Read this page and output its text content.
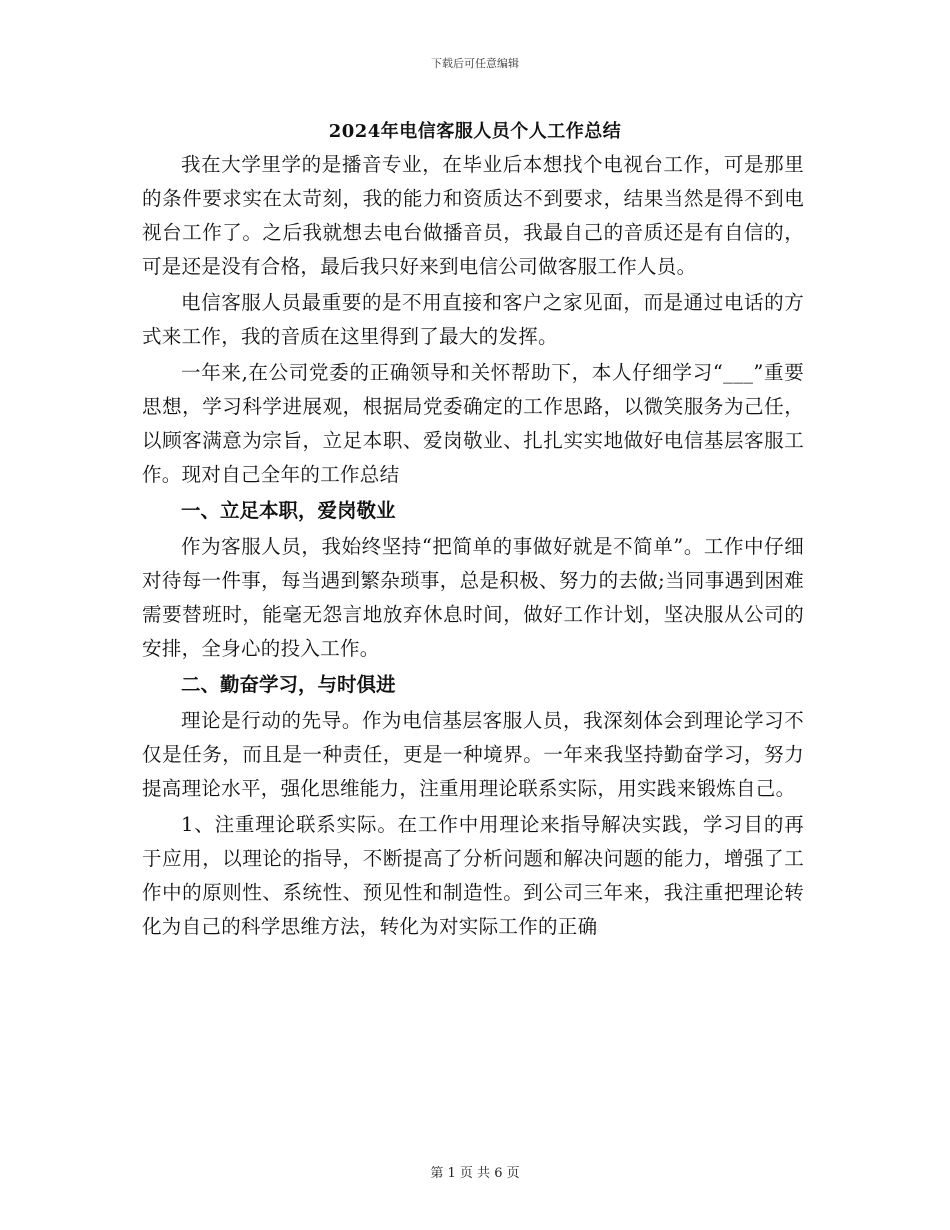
下载后可任意编辑
2024年电信客服人员个人工作总结

我在大学里学的是播音专业，在毕业后本想找个电视台工作，可是那里的条件要求实在太苛刻，我的能力和资质达不到要求，结果当然是得不到电视台工作了。之后我就想去电台做播音员，我最自己的音质还是有自信的，可是还是没有合格，最后我只好来到电信公司做客服工作人员。

电信客服人员最重要的是不用直接和客户之家见面，而是通过电话的方式来工作，我的音质在这里得到了最大的发挥。

一年来,在公司党委的正确领导和关怀帮助下，本人仔细学习“___”重要思想，学习科学进展观，根据局党委确定的工作思路，以微笑服务为己任，以顾客满意为宗旨，立足本职、爱岗敬业、扎扎实实地做好电信基层客服工作。现对自己全年的工作总结

一、立足本职，爱岗敬业

作为客服人员，我始终坚持“把简单的事做好就是不简单”。工作中仔细对待每一件事，每当遇到繁杂琐事，总是积极、努力的去做;当同事遇到困难需要替班时，能毫无怨言地放弃休息时间，做好工作计划，坚决服从公司的安排，全身心的投入工作。

二、勤奋学习，与时俱进

理论是行动的先导。作为电信基层客服人员，我深刻体会到理论学习不仅是任务，而且是一种责任，更是一种境界。一年来我坚持勤奋学习，努力提高理论水平，强化思维能力，注重用理论联系实际，用实践来锻炼自己。

1、注重理论联系实际。在工作中用理论来指导解决实践，学习目的再于应用，以理论的指导，不断提高了分析问题和解决问题的能力，增强了工作中的原则性、系统性、预见性和制造性。到公司三年来，我注重把理论转化为自己的科学思维方法，转化为对实际工作的正确

第 1 页 共 6 页
